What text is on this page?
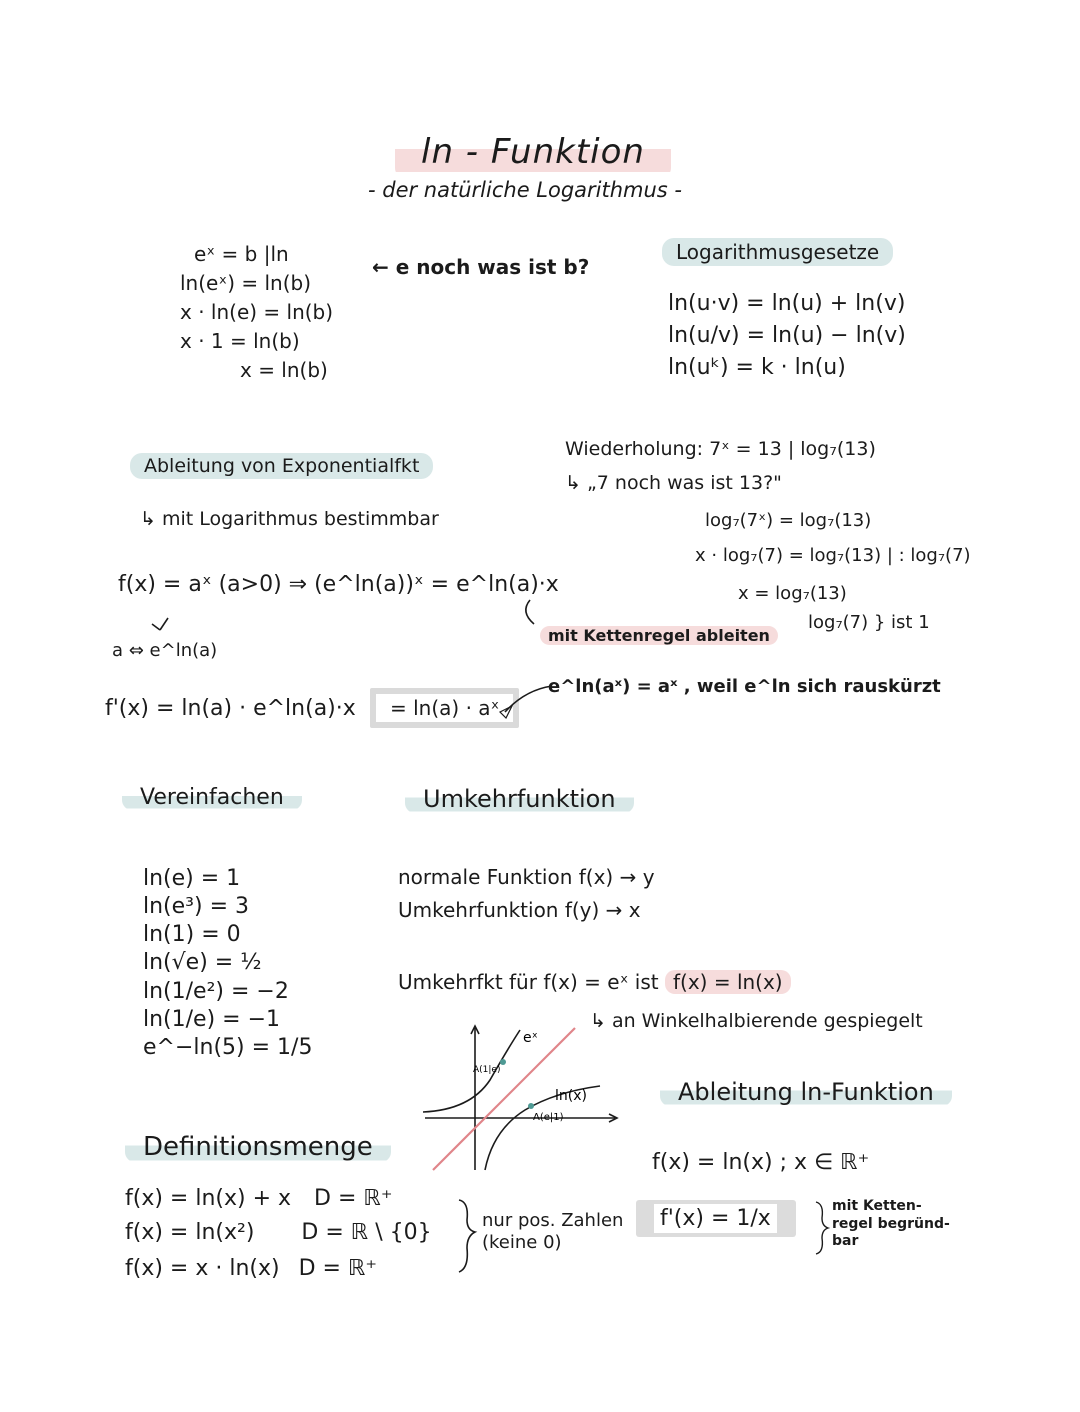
ln - Funktion
- der natürliche Logarithmus -
eˣ = b |ln
ln(eˣ) = ln(b)
x · ln(e) = ln(b)
x · 1 = ln(b)
x = ln(b)
← e noch was ist b?
Logarithmusgesetze
ln(u·v) = ln(u) + ln(v)
ln(u/v) = ln(u) − ln(v)
ln(uᵏ) = k · ln(u)
Wiederholung: 7ˣ = 13 | log₇(13)
↳ „7 noch was ist 13?"
log₇(7ˣ) = log₇(13)
x · log₇(7) = log₇(13) | : log₇(7)
x = log₇(13)
log₇(7) } ist 1
Ableitung von Exponentialfkt
↳ mit Logarithmus bestimmbar
f(x) = aˣ (a>0) ⇒ (e^ln(a))ˣ = e^ln(a)·x
a ⇔ e^ln(a)
f'(x) = ln(a) · e^ln(a)·x	= ln(a) · aˣ
mit Kettenregel ableiten
e^ln(aˣ) = aˣ , weil e^ln sich rauskürzt
Vereinfachen
ln(e) = 1
ln(e³) = 3
ln(1) = 0
ln(√e) = ½
ln(1/e²) = −2
ln(1/e) = −1
e^−ln(5) = 1/5
Umkehrfunktion
normale Funktion f(x) → y
Umkehrfunktion f(y) → x
Umkehrfkt für f(x) = eˣ ist f(x) = ln(x)
↳ an Winkelhalbierende gespiegelt
A(1|e)
A(e|1)
eˣ
ln(x)
Definitionsmenge
f(x) = ln(x) + x D = ℝ⁺
f(x) = ln(x²) D = ℝ \ {0}
f(x) = x · ln(x) D = ℝ⁺
nur pos. Zahlen
(keine 0)
Ableitung ln-Funktion
f(x) = ln(x) ; x ∈ ℝ⁺
f'(x) = 1/x	mit Ketten-
regel begründ-
bar
